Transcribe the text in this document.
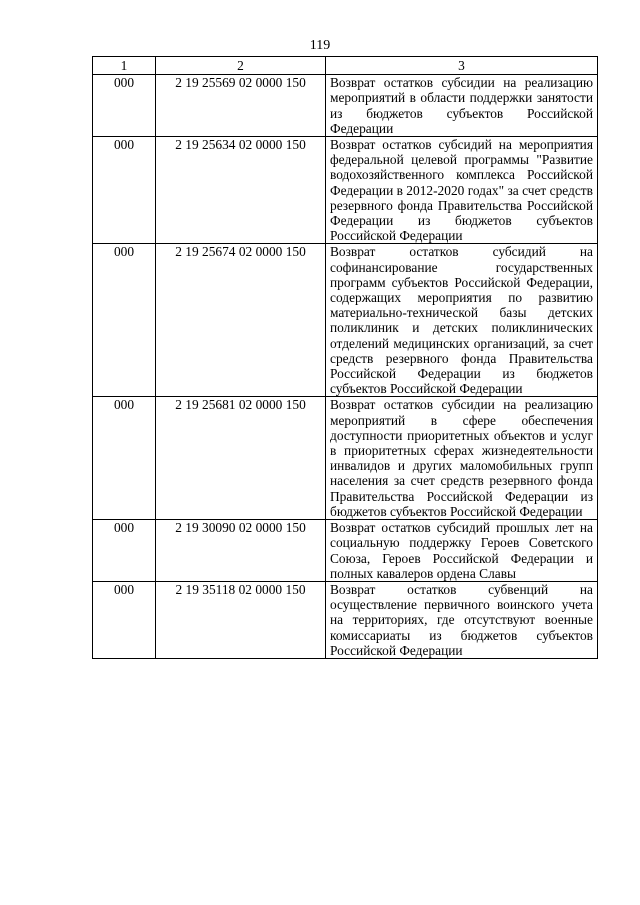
119
1	2	3
000	2 19 25569 02 0000 150	Возврат остатков субсидии на реализацию мероприятий в области поддержки занятости из бюджетов субъектов Российской Федерации
000	2 19 25634 02 0000 150	Возврат остатков субсидий на мероприятия федеральной целевой программы "Развитие водохозяйственного комплекса Российской Федерации в 2012-2020 годах" за счет средств резервного фонда Правительства Российской Федерации из бюджетов субъектов Российской Федерации
000	2 19 25674 02 0000 150	Возврат остатков субсидий на софинансирование государственных программ субъектов Российской Федерации, содержащих мероприятия по развитию материально-технической базы детских поликлиник и детских поликлинических отделений медицинских организаций, за счет средств резервного фонда Правительства Российской Федерации из бюджетов субъектов Российской Федерации
000	2 19 25681 02 0000 150	Возврат остатков субсидии на реализацию мероприятий в сфере обеспечения доступности приоритетных объектов и услуг в приоритетных сферах жизнедеятельности инвалидов и других маломобильных групп населения за счет средств резервного фонда Правительства Российской Федерации из бюджетов субъектов Российской Федерации
000	2 19 30090 02 0000 150	Возврат остатков субсидий прошлых лет на социальную поддержку Героев Советского Союза, Героев Российской Федерации и полных кавалеров ордена Славы
000	2 19 35118 02 0000 150	Возврат остатков субвенций на осуществление первичного воинского учета на территориях, где отсутствуют военные комиссариаты из бюджетов субъектов Российской Федерации
